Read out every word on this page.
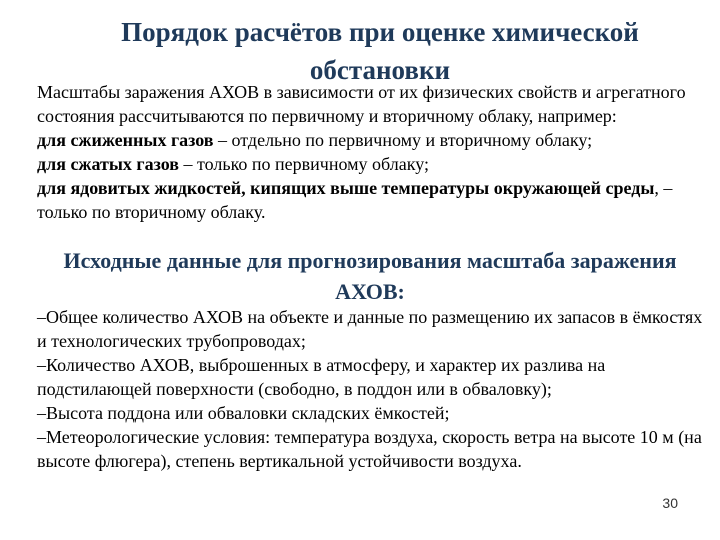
Порядок расчётов при оценке химической обстановки
Масштабы заражения АХОВ в зависимости от их физических свойств и агрегатного состояния рассчитываются по первичному и вторичному облаку, например:
для сжиженных газов – отдельно по первичному и вторичному облаку;
для сжатых газов – только по первичному облаку;
для ядовитых жидкостей, кипящих выше температуры окружающей среды, – только по вторичному облаку.
Исходные данные для прогнозирования масштаба заражения АХОВ:
–Общее количество АХОВ на объекте и данные по размещению их запасов в ёмкостях и технологических трубопроводах;
–Количество АХОВ, выброшенных в атмосферу, и характер их разлива на подстилающей поверхности (свободно, в поддон или в обваловку);
–Высота поддона или обваловки складских ёмкостей;
–Метеорологические условия: температура воздуха, скорость ветра на высоте 10 м (на высоте флюгера), степень вертикальной устойчивости воздуха.
30
